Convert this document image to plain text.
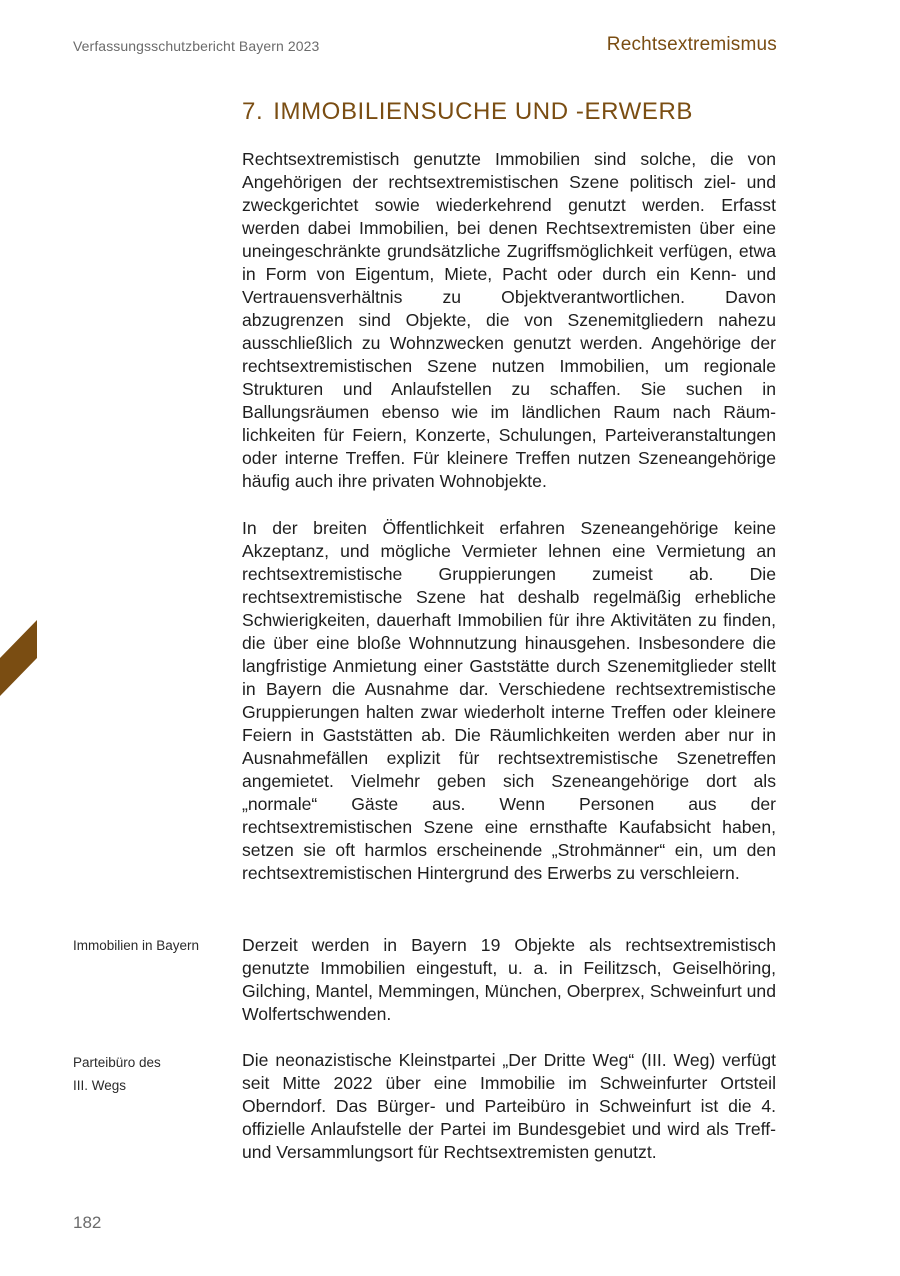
Verfassungsschutzbericht Bayern 2023	Rechtsextremismus
7. IMMOBILIENSUCHE UND -ERWERB

Rechtsextremistisch genutzte Immobilien sind solche, die von Angehörigen der rechtsextremistischen Szene politisch ziel- und zweckgerichtet sowie wiederkehrend genutzt werden. Erfasst werden dabei Immobilien, bei denen Rechtsextremisten über eine uneingeschränkte grundsätzliche Zugriffsmöglichkeit verfügen, etwa in Form von Eigentum, Miete, Pacht oder durch ein Kenn- und Vertrauensverhältnis zu Objektverantwortlichen. Davon abzugrenzen sind Objekte, die von Szenemitgliedern nahezu ausschließlich zu Wohnzwecken genutzt werden. Angehörige der rechtsextremistischen Szene nutzen Immobilien, um regionale Strukturen und Anlaufstellen zu schaffen. Sie suchen in Ballungsräumen ebenso wie im ländlichen Raum nach Räumlichkeiten für Feiern, Konzerte, Schulungen, Parteiveranstaltungen oder interne Treffen. Für kleinere Treffen nutzen Szeneangehörige häufig auch ihre privaten Wohnobjekte.

In der breiten Öffentlichkeit erfahren Szeneangehörige keine Akzeptanz, und mögliche Vermieter lehnen eine Vermietung an rechtsextremistische Gruppierungen zumeist ab. Die rechtsextremistische Szene hat deshalb regelmäßig erhebliche Schwierigkeiten, dauerhaft Immobilien für ihre Aktivitäten zu finden, die über eine bloße Wohnnutzung hinausgehen. Insbesondere die langfristige Anmietung einer Gaststätte durch Szenemitglieder stellt in Bayern die Ausnahme dar. Verschiedene rechtsextremistische Gruppierungen halten zwar wiederholt interne Treffen oder kleinere Feiern in Gaststätten ab. Die Räumlichkeiten werden aber nur in Ausnahmefällen explizit für rechtsextremistische Szenetreffen angemietet. Vielmehr geben sich Szeneangehörige dort als „normale“ Gäste aus. Wenn Personen aus der rechtsextremistischen Szene eine ernsthafte Kaufabsicht haben, setzen sie oft harmlos erscheinende „Strohmänner“ ein, um den rechtsextremistischen Hintergrund des Erwerbs zu verschleiern.

Immobilien in Bayern	Derzeit werden in Bayern 19 Objekte als rechtsextremistisch genutzte Immobilien eingestuft, u. a. in Feilitzsch, Geiselhöring, Gilching, Mantel, Memmingen, München, Oberprex, Schweinfurt und Wolfertschwenden.

Parteibüro des
III. Wegs

Die neonazistische Kleinstpartei „Der Dritte Weg“ (III. Weg) verfügt seit Mitte 2022 über eine Immobilie im Schweinfurter Ortsteil Oberndorf. Das Bürger- und Parteibüro in Schweinfurt ist die 4. offizielle Anlaufstelle der Partei im Bundesgebiet und wird als Treff- und Versammlungsort für Rechtsextremisten genutzt.

182
